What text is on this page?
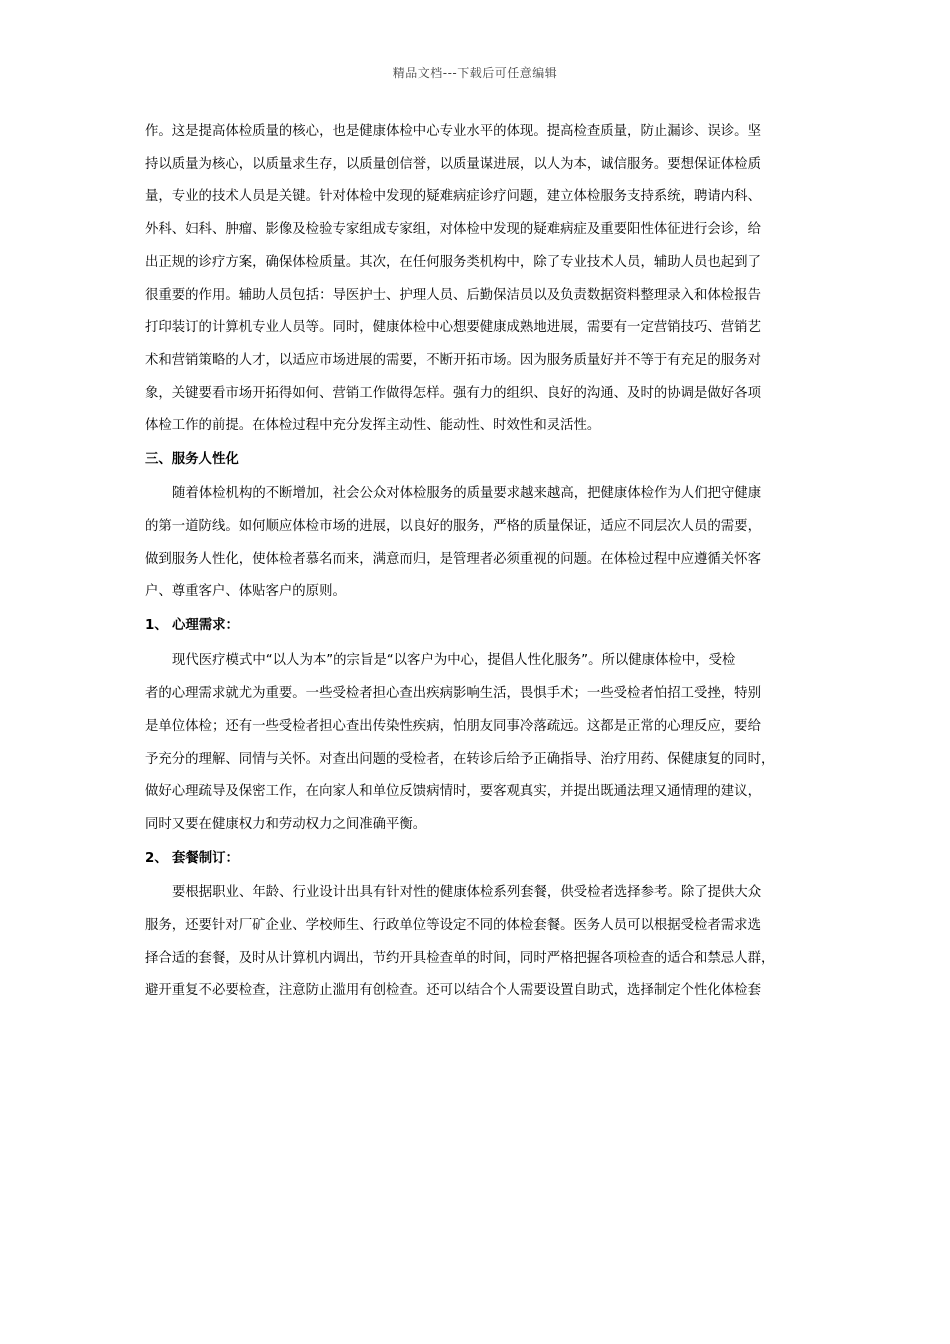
精品文档---下载后可任意编辑

作。这是提高体检质量的核心，也是健康体检中心专业水平的体现。提高检查质量，防止漏诊、误诊。坚

持以质量为核心，以质量求生存，以质量创信誉，以质量谋进展，以人为本，诚信服务。要想保证体检质

量，专业的技术人员是关键。针对体检中发现的疑难病症诊疗问题，建立体检服务支持系统，聘请内科、

外科、妇科、肿瘤、影像及检验专家组成专家组，对体检中发现的疑难病症及重要阳性体征进行会诊，给

出正规的诊疗方案，确保体检质量。其次，在任何服务类机构中，除了专业技术人员，辅助人员也起到了

很重要的作用。辅助人员包括：导医护士、护理人员、后勤保洁员以及负责数据资料整理录入和体检报告

打印装订的计算机专业人员等。同时，健康体检中心想要健康成熟地进展，需要有一定营销技巧、营销艺

术和营销策略的人才，以适应市场进展的需要，不断开拓市场。因为服务质量好并不等于有充足的服务对

象，关键要看市场开拓得如何、营销工作做得怎样。强有力的组织、良好的沟通、及时的协调是做好各项

体检工作的前提。在体检过程中充分发挥主动性、能动性、时效性和灵活性。

三、服务人性化

随着体检机构的不断增加，社会公众对体检服务的质量要求越来越高，把健康体检作为人们把守健康

的第一道防线。如何顺应体检市场的进展，以良好的服务，严格的质量保证，适应不同层次人员的需要，

做到服务人性化，使体检者慕名而来，满意而归，是管理者必须重视的问题。在体检过程中应遵循关怀客

户、尊重客户、体贴客户的原则。

1、 心理需求：

现代医疗模式中“以人为本”的宗旨是“以客户为中心，提倡人性化服务”。所以健康体检中，受检

者的心理需求就尤为重要。一些受检者担心查出疾病影响生活，畏惧手术；一些受检者怕招工受挫，特别

是单位体检；还有一些受检者担心查出传染性疾病，怕朋友同事冷落疏远。这都是正常的心理反应，要给

予充分的理解、同情与关怀。对查出问题的受检者，在转诊后给予正确指导、治疗用药、保健康复的同时，

做好心理疏导及保密工作，在向家人和单位反馈病情时，要客观真实，并提出既通法理又通情理的建议，

同时又要在健康权力和劳动权力之间准确平衡。

2、 套餐制订：

要根据职业、年龄、行业设计出具有针对性的健康体检系列套餐，供受检者选择参考。除了提供大众

服务，还要针对厂矿企业、学校师生、行政单位等设定不同的体检套餐。医务人员可以根据受检者需求选

择合适的套餐，及时从计算机内调出，节约开具检查单的时间，同时严格把握各项检查的适合和禁忌人群，

避开重复不必要检查，注意防止滥用有创检查。还可以结合个人需要设置自助式，选择制定个性化体检套
